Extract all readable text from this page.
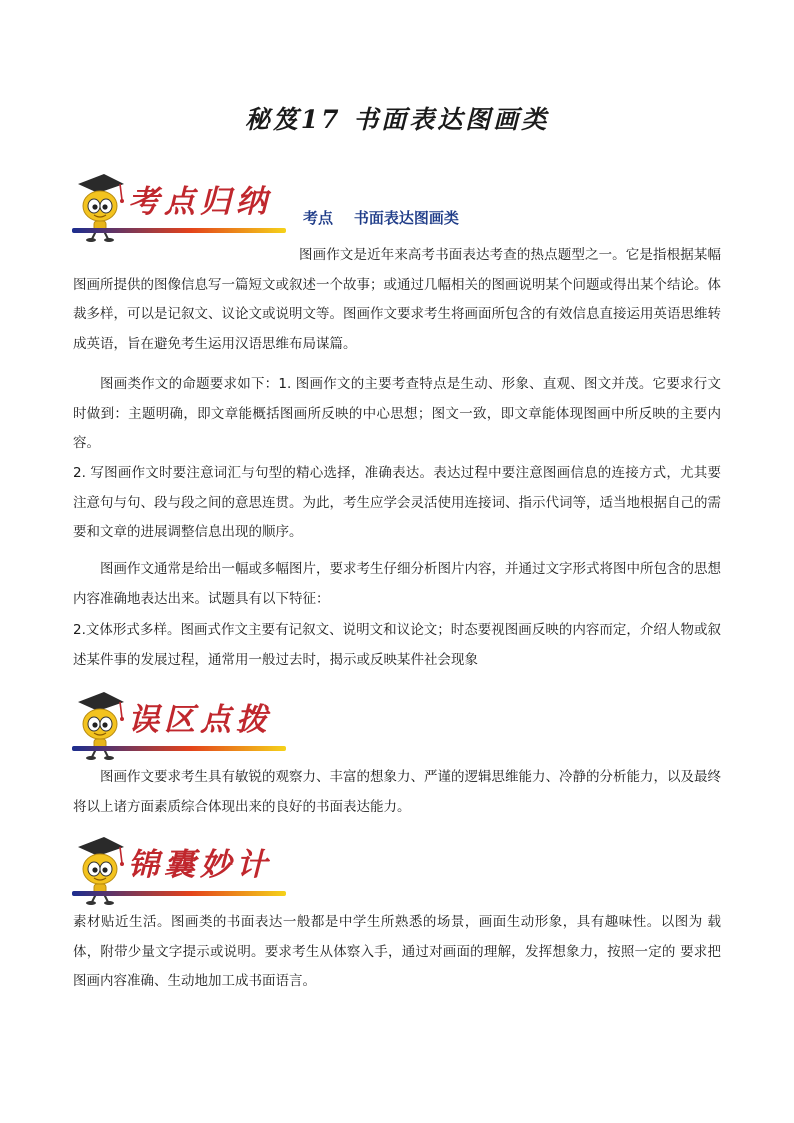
秘笈17 书面表达图画类
考点归纳 考点    书面表达图画类
图画作文是近年来高考书面表达考查的热点题型之一。它是指根据某幅图画所提供的图像信息写一篇短文或叙述一个故事；或通过几幅相关的图画说明某个问题或得出某个结论。体裁多样，可以是记叙文、议论文或说明文等。图画作文要求考生将画面所包含的有效信息直接运用英语思维转成英语，旨在避免考生运用汉语思维布局谋篇。
图画类作文的命题要求如下：1. 图画作文的主要考查特点是生动、形象、直观、图文并茂。它要求行文时做到：主题明确，即文章能概括图画所反映的中心思想；图文一致，即文章能体现图画中所反映的主要内容。
2. 写图画作文时要注意词汇与句型的精心选择，准确表达。表达过程中要注意图画信息的连接方式，尤其要注意句与句、段与段之间的意思连贯。为此，考生应学会灵活使用连接词、指示代词等，适当地根据自己的需要和文章的进展调整信息出现的顺序。
图画作文通常是给出一幅或多幅图片，要求考生仔细分析图片内容，并通过文字形式将图中所包含的思想内容准确地表达出来。试题具有以下特征：
2.文体形式多样。图画式作文主要有记叙文、说明文和议论文；时态要视图画反映的内容而定，介绍人物或叙述某件事的发展过程，通常用一般过去时，揭示或反映某件社会现象
误区点拨
图画作文要求考生具有敏锐的观察力、丰富的想象力、严谨的逻辑思维能力、冷静的分析能力，以及最终将以上诸方面素质综合体现出来的良好的书面表达能力。
锦囊妙计
素材贴近生活。图画类的书面表达一般都是中学生所熟悉的场景，画面生动形象，具有趣味性。以图为 载体，附带少量文字提示或说明。要求考生从体察入手，通过对画面的理解，发挥想象力，按照一定的 要求把图画内容准确、生动地加工成书面语言。
